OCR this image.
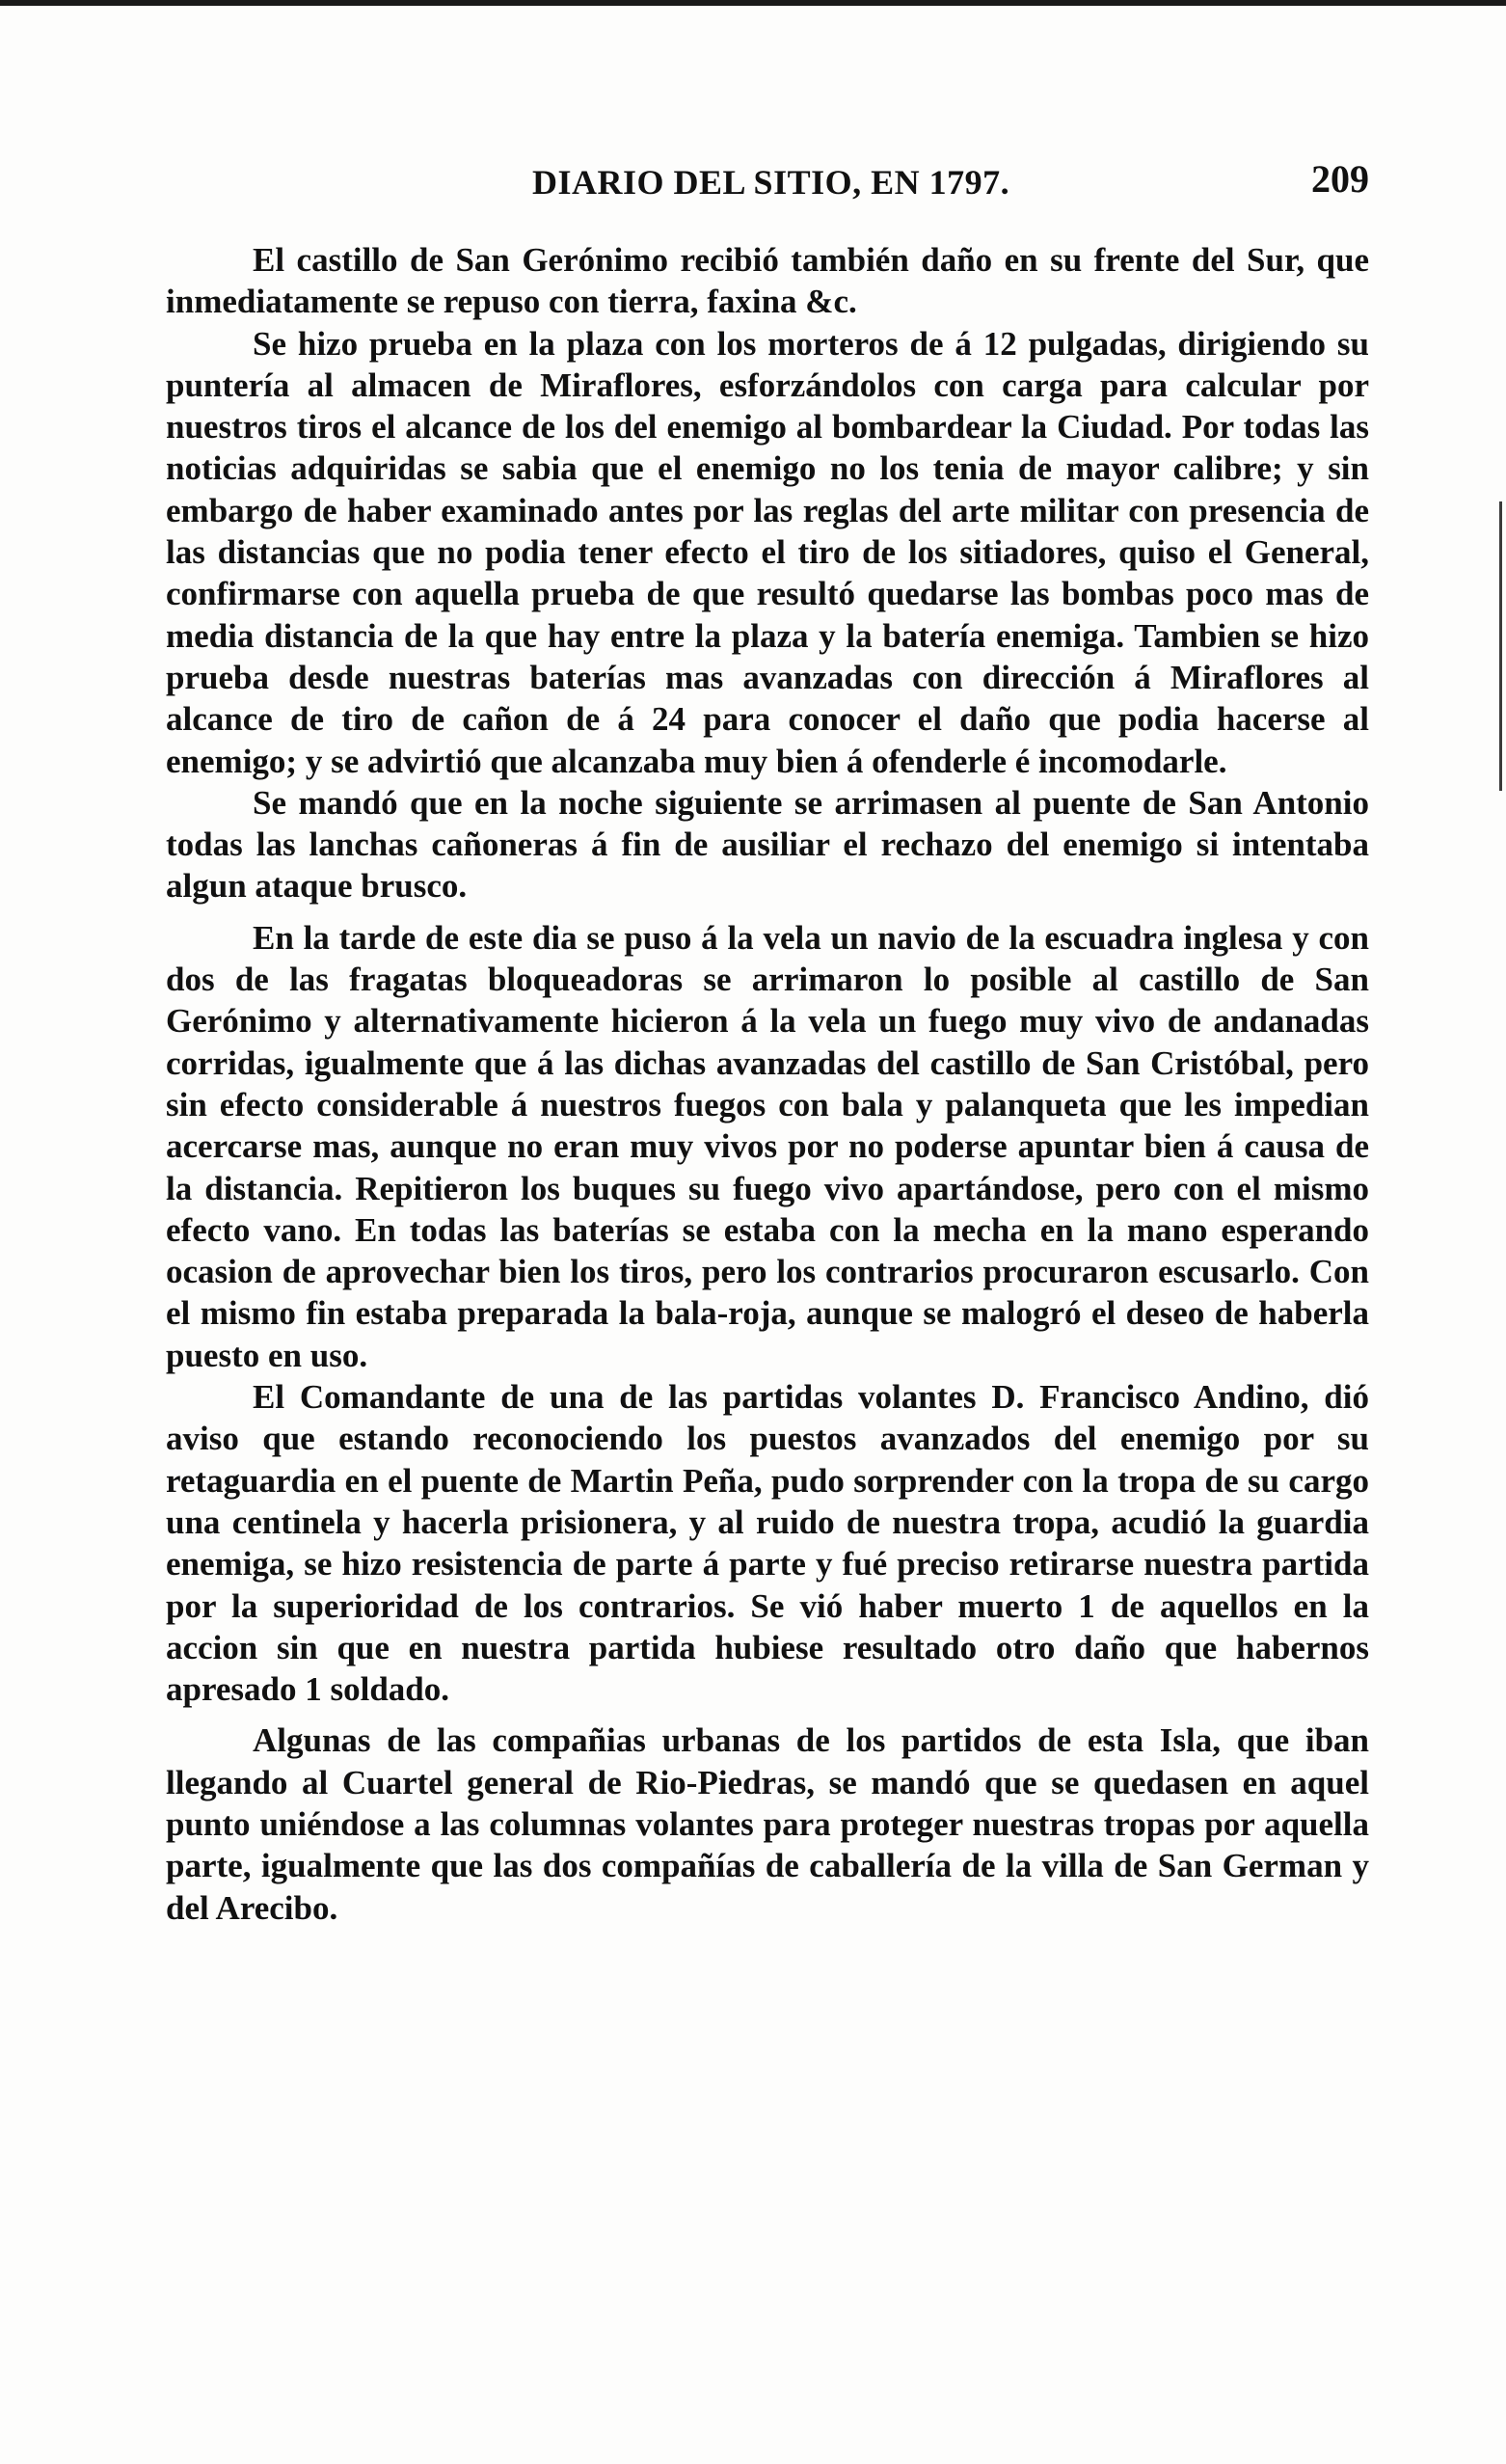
DIARIO DEL SITIO, EN 1797.	209

El castillo de San Gerónimo recibió también daño en su frente del Sur, que inmediatamente se repuso con tierra, faxina &c.

Se hizo prueba en la plaza con los morteros de á 12 pulgadas, dirigiendo su puntería al almacen de Miraflores, esforzándolos con carga para calcular por nuestros tiros el alcance de los del enemigo al bombardear la Ciudad. Por todas las noticias adquiridas se sabia que el enemigo no los tenia de mayor calibre; y sin embargo de haber examinado antes por las reglas del arte militar con presencia de las distancias que no podia tener efecto el tiro de los sitiadores, quiso el General, confirmarse con aquella prueba de que resultó quedarse las bombas poco mas de media distancia de la que hay entre la plaza y la batería enemiga. Tambien se hizo prueba desde nuestras baterías mas avanzadas con dirección á Miraflores al alcance de tiro de cañon de á 24 para conocer el daño que podia hacerse al enemigo; y se advirtió que alcanzaba muy bien á ofenderle é incomodarle.

Se mandó que en la noche siguiente se arrimasen al puente de San Antonio todas las lanchas cañoneras á fin de ausiliar el rechazo del enemigo si intentaba algun ataque brusco.

En la tarde de este dia se puso á la vela un navio de la escuadra inglesa y con dos de las fragatas bloqueadoras se arrimaron lo posible al castillo de San Gerónimo y alternativamente hicieron á la vela un fuego muy vivo de andanadas corridas, igualmente que á las dichas avanzadas del castillo de San Cristóbal, pero sin efecto considerable á nuestros fuegos con bala y palanqueta que les impedian acercarse mas, aunque no eran muy vivos por no poderse apuntar bien á causa de la distancia. Repitieron los buques su fuego vivo apartándose, pero con el mismo efecto vano. En todas las baterías se estaba con la mecha en la mano esperando ocasion de aprovechar bien los tiros, pero los contrarios procuraron escusarlo. Con el mismo fin estaba preparada la bala-roja, aunque se malogró el deseo de haberla puesto en uso.

El Comandante de una de las partidas volantes D. Francisco Andino, dió aviso que estando reconociendo los puestos avanzados del enemigo por su retaguardia en el puente de Martin Peña, pudo sorprender con la tropa de su cargo una centinela y hacerla prisionera, y al ruido de nuestra tropa, acudió la guardia enemiga, se hizo resistencia de parte á parte y fué preciso retirarse nuestra partida por la superioridad de los contrarios. Se vió haber muerto 1 de aquellos en la accion sin que en nuestra partida hubiese resultado otro daño que habernos apresado 1 soldado.

Algunas de las compañias urbanas de los partidos de esta Isla, que iban llegando al Cuartel general de Rio-Piedras, se mandó que se quedasen en aquel punto uniéndose a las columnas volantes para proteger nuestras tropas por aquella parte, igualmente que las dos compañías de caballería de la villa de San German y del Arecibo.
